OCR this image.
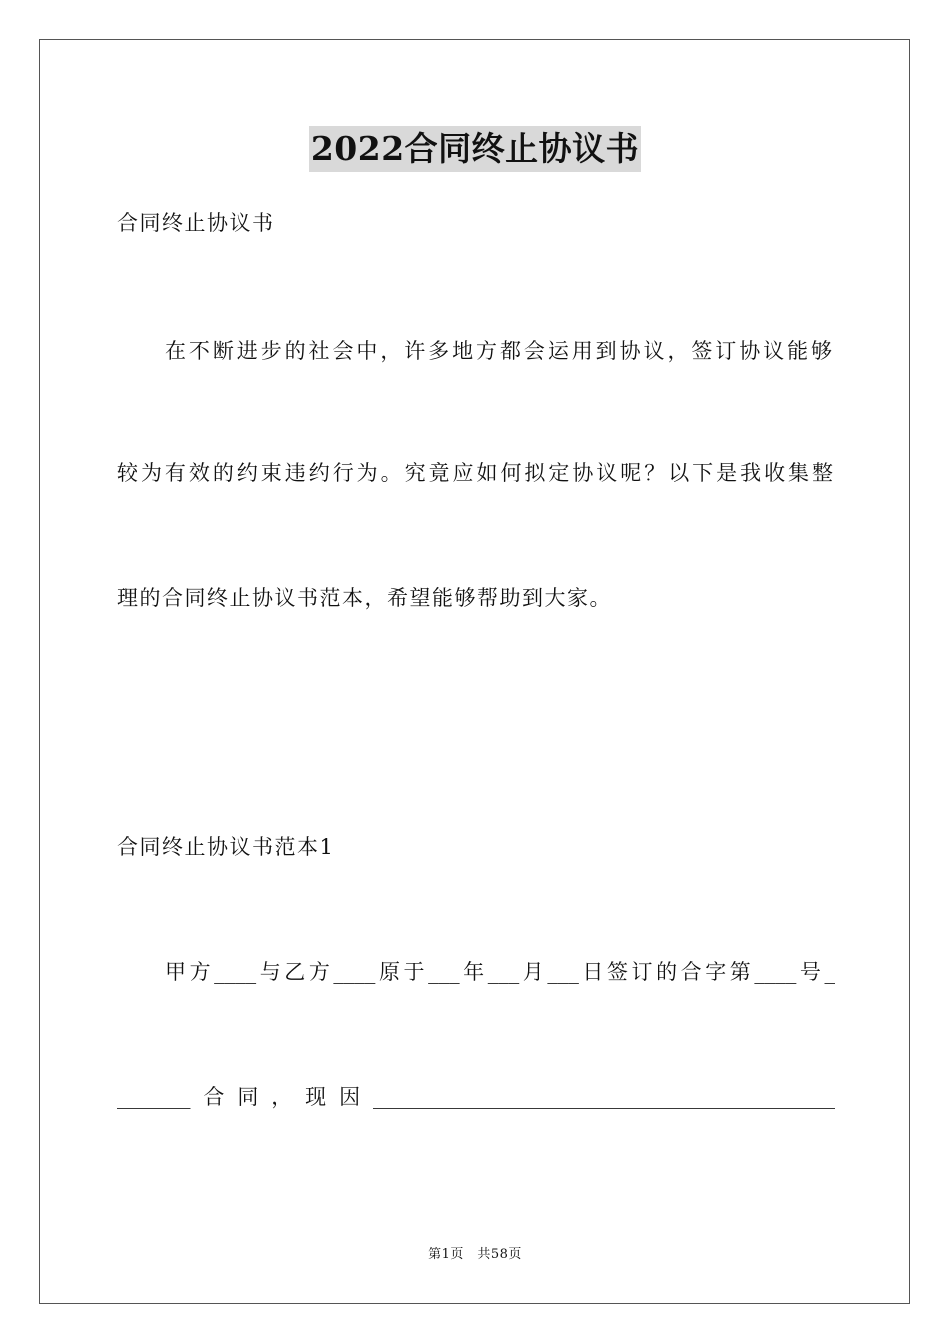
2022合同终止协议书
合同终止协议书
在不断进步的社会中，许多地方都会运用到协议，签订协议能够
较为有效的约束违约行为。究竟应如何拟定协议呢？以下是我收集整
理的合同终止协议书范本，希望能够帮助到大家。
合同终止协议书范本1
甲方____与乙方____原于___年___月___日签订的合字第____号_
_______合同，现因____________________________________________
第1页　共58页
